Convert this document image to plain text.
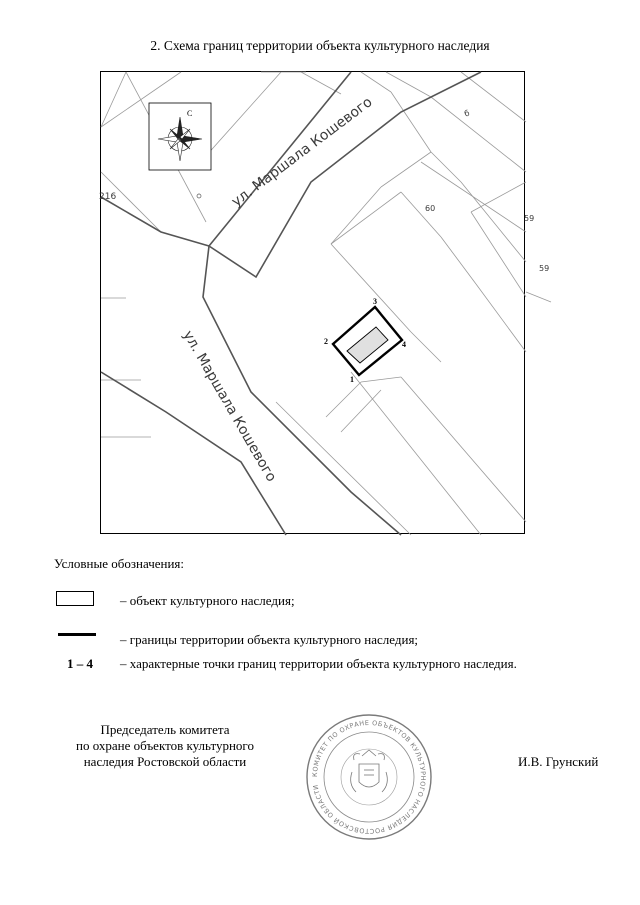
2. Схема границ территории объекта культурного наследия
С	ул. Маршала Кошевого
ул. Маршала Кошевого
216
б
60
59
59
3
2	4
1
Условные обозначения:
– объект культурного наследия;
– границы территории объекта культурного наследия;
1 – 4 – характерные точки границ территории объекта культурного наследия.
Председатель комитета
по охране объектов культурного
наследия Ростовской области
КОМИТЕТ ПО ОХРАНЕ ОБЪЕКТОВ КУЛЬТУРНОГО НАСЛЕДИЯ РОСТОВСКОЙ ОБЛАСТИ
И.В. Грунский
